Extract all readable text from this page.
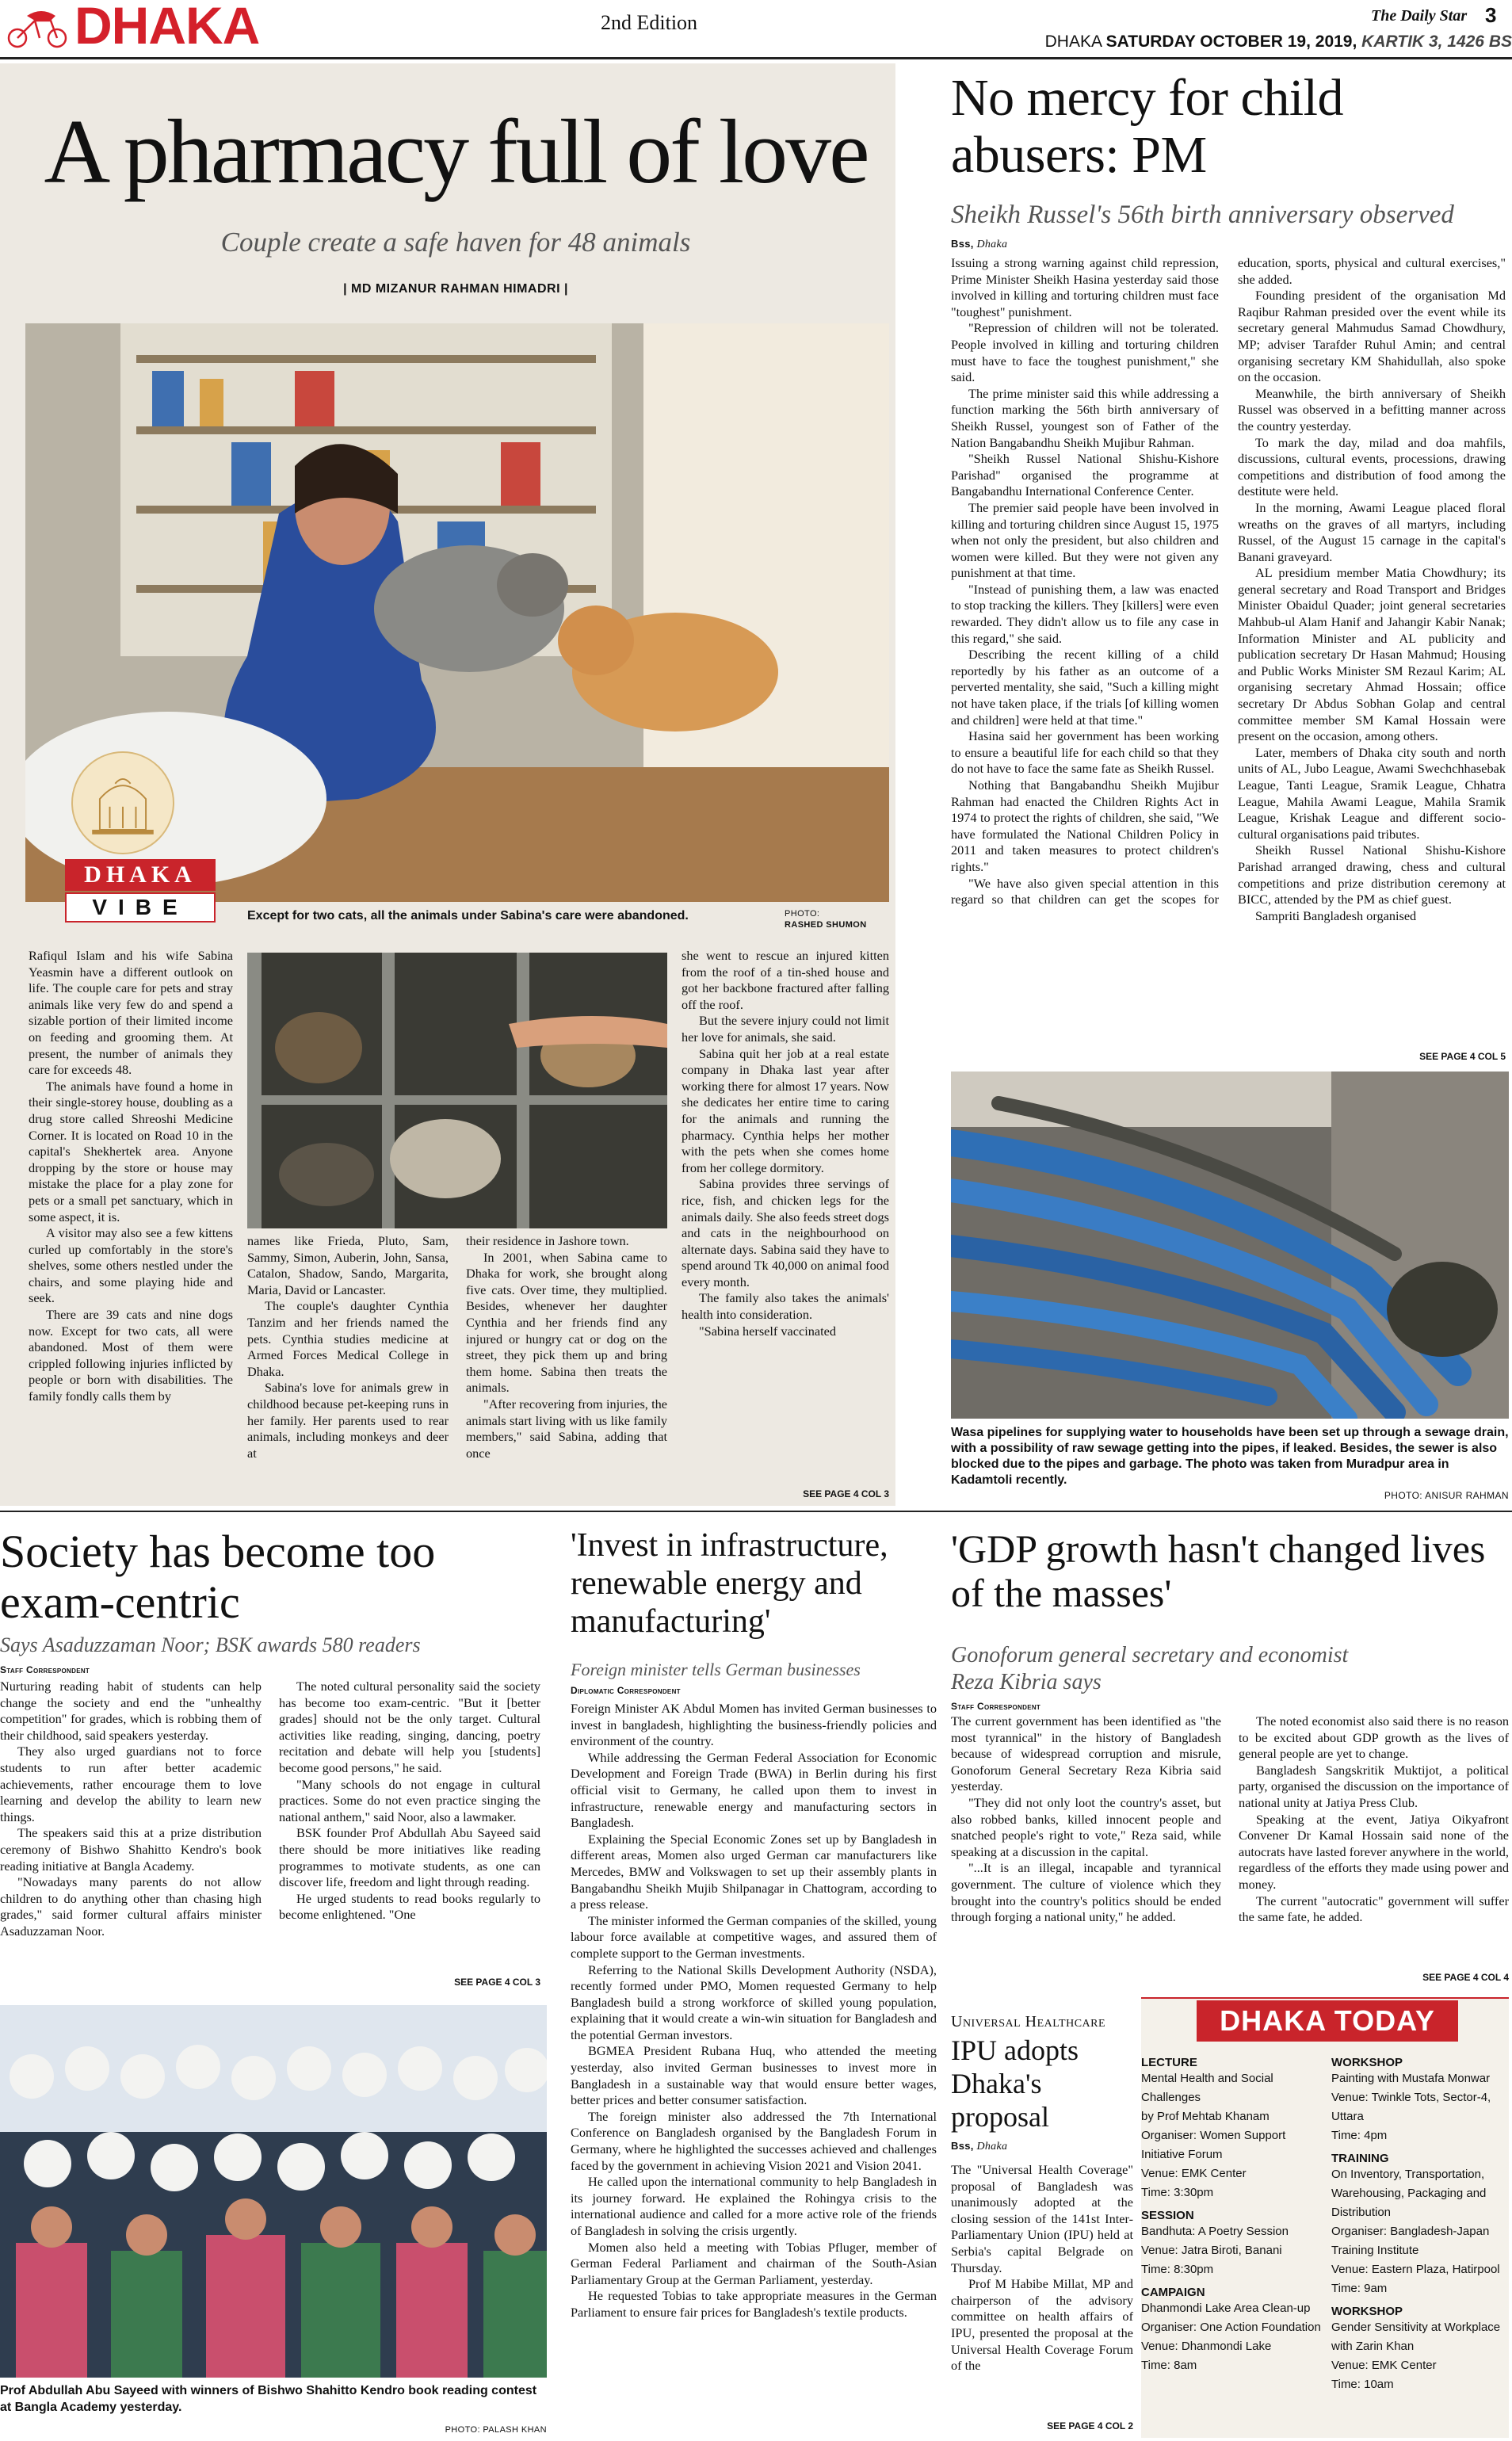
DHAKA	2nd Edition	The Daily Star 3
DHAKA SATURDAY OCTOBER 19, 2019, KARTIK 3, 1426 BS
A pharmacy full of love
Couple create a safe haven for 48 animals
| MD MIZANUR RAHMAN HIMADRI |
DHAKA
VIBE	Except for two cats, all the animals under Sabina's care were abandoned.	PHOTO:
RASHED SHUMON

Rafiqul Islam and his wife Sabina Yeasmin have a different outlook on life. The couple care for pets and stray animals like very few do and spend a sizable portion of their limited income on feeding and grooming them. At present, the number of animals they care for exceeds 48.

The animals have found a home in their single-storey house, doubling as a drug store called Shreoshi Medicine Corner. It is located on Road 10 in the capital's Shekhertek area. Anyone dropping by the store or house may mistake the place for a play zone for pets or a small pet sanctuary, which in some aspect, it is.

A visitor may also see a few kittens curled up comfortably in the store's shelves, some others nestled under the chairs, and some playing hide and seek.

There are 39 cats and nine dogs now. Except for two cats, all were abandoned. Most of them were crippled following injuries inflicted by people or born with disabilities. The family fondly calls them by

names like Frieda, Pluto, Sam, Sammy, Simon, Auberin, John, Sansa, Catalon, Shadow, Sando, Margarita, Maria, David or Lancaster.

The couple's daughter Cynthia Tanzim and her friends named the pets. Cynthia studies medicine at Armed Forces Medical College in Dhaka.

Sabina's love for animals grew in childhood because pet-keeping runs in her family. Her parents used to rear animals, including monkeys and deer at

their residence in Jashore town.

In 2001, when Sabina came to Dhaka for work, she brought along five cats. Over time, they multiplied. Besides, whenever her daughter Cynthia and her friends find any injured or hungry cat or dog on the street, they pick them up and bring them home. Sabina then treats the animals.

"After recovering from injuries, the animals start living with us like family members," said Sabina, adding that once

she went to rescue an injured kitten from the roof of a tin-shed house and got her backbone fractured after falling off the roof.

But the severe injury could not limit her love for animals, she said.

Sabina quit her job at a real estate company in Dhaka last year after working there for almost 17 years. Now she dedicates her entire time to caring for the animals and running the pharmacy. Cynthia helps her mother with the pets when she comes home from her college dormitory.

Sabina provides three servings of rice, fish, and chicken legs for the animals daily. She also feeds street dogs and cats in the neighbourhood on alternate days. Sabina said they have to spend around Tk 40,000 on animal food every month.

The family also takes the animals' health into consideration.

"Sabina herself vaccinated

SEE PAGE 4 COL 3
No mercy for child abusers: PM
Sheikh Russel's 56th birth anniversary observed
Bss, Dhaka

Issuing a strong warning against child repression, Prime Minister Sheikh Hasina yesterday said those involved in killing and torturing children must face "toughest" punishment.

"Repression of children will not be tolerated. People involved in killing and torturing children must have to face the toughest punishment," she said.

The prime minister said this while addressing a function marking the 56th birth anniversary of Sheikh Russel, youngest son of Father of the Nation Bangabandhu Sheikh Mujibur Rahman.

"Sheikh Russel National Shishu-Kishore Parishad" organised the programme at Bangabandhu International Conference Center.

The premier said people have been involved in killing and torturing children since August 15, 1975 when not only the president, but also children and women were killed. But they were not given any punishment at that time.

"Instead of punishing them, a law was enacted to stop tracking the killers. They [killers] were even rewarded. They didn't allow us to file any case in this regard," she said.

Describing the recent killing of a child reportedly by his father as an outcome of a perverted mentality, she said, "Such a killing might not have taken place, if the trials [of killing women and children] were held at that time."

Hasina said her government has been working to ensure a beautiful life for each child so that they do not have to face the same fate as Sheikh Russel.

Nothing that Bangabandhu Sheikh Mujibur Rahman had enacted the Children Rights Act in 1974 to protect the rights of children, she said, "We have formulated the National Children Policy in 2011 and taken measures to protect children's rights."

"We have also given special attention in this regard so that children can get the scopes for education, sports, physical and cultural exercises," she added.

Founding president of the organisation Md Raqibur Rahman presided over the event while its secretary general Mahmudus Samad Chowdhury, MP; adviser Tarafder Ruhul Amin; and central organising secretary KM Shahidullah, also spoke on the occasion.

Meanwhile, the birth anniversary of Sheikh Russel was observed in a befitting manner across the country yesterday.

To mark the day, milad and doa mahfils, discussions, cultural events, processions, drawing competitions and distribution of food among the destitute were held.

In the morning, Awami League placed floral wreaths on the graves of all martyrs, including Russel, of the August 15 carnage in the capital's Banani graveyard.

AL presidium member Matia Chowdhury; its general secretary and Road Transport and Bridges Minister Obaidul Quader; joint general secretaries Mahbub-ul Alam Hanif and Jahangir Kabir Nanak; Information Minister and AL publicity and publication secretary Dr Hasan Mahmud; Housing and Public Works Minister SM Rezaul Karim; AL organising secretary Ahmad Hossain; office secretary Dr Abdus Sobhan Golap and central committee member SM Kamal Hossain were present on the occasion, among others.

Later, members of Dhaka city south and north units of AL, Jubo League, Awami Swechchhasebak League, Tanti League, Sramik League, Chhatra League, Mahila Awami League, Mahila Sramik League, Krishak League and different socio-cultural organisations paid tributes.

Sheikh Russel National Shishu-Kishore Parishad arranged drawing, chess and cultural competitions and prize distribution ceremony at BICC, attended by the PM as chief guest.

Sampriti Bangladesh organised

SEE PAGE 4 COL 5
Wasa pipelines for supplying water to households have been set up through a sewage drain, with a possibility of raw sewage getting into the pipes, if leaked. Besides, the sewer is also blocked due to the pipes and garbage. The photo was taken from Muradpur area in Kadamtoli recently.
PHOTO: ANISUR RAHMAN
Society has become too exam-centric
Says Asaduzzaman Noor; BSK awards 580 readers
Staff Correspondent

Nurturing reading habit of students can help change the society and end the "unhealthy competition" for grades, which is robbing them of their childhood, said speakers yesterday.

They also urged guardians not to force students to run after better academic achievements, rather encourage them to love learning and develop the ability to learn new things.

The speakers said this at a prize distribution ceremony of Bishwo Shahitto Kendro's book reading initiative at Bangla Academy.

"Nowadays many parents do not allow children to do anything other than chasing high grades," said former cultural affairs minister Asaduzzaman Noor.

The noted cultural personality said the society has become too exam-centric. "But it [better grades] should not be the only target. Cultural activities like reading, singing, dancing, poetry recitation and debate will help you [students] become good persons," he said.

"Many schools do not engage in cultural practices. Some do not even practice singing the national anthem," said Noor, also a lawmaker.

BSK founder Prof Abdullah Abu Sayeed said there should be more initiatives like reading programmes to motivate students, as one can discover life, freedom and light through reading.

He urged students to read books regularly to become enlightened. "One

SEE PAGE 4 COL 3
Prof Abdullah Abu Sayeed with winners of Bishwo Shahitto Kendro book reading contest at Bangla Academy yesterday.
PHOTO: PALASH KHAN
'Invest in infrastructure, renewable energy and manufacturing'
Foreign minister tells German businesses
Diplomatic Correspondent

Foreign Minister AK Abdul Momen has invited German businesses to invest in bangladesh, highlighting the business-friendly policies and environment of the country.

While addressing the German Federal Association for Economic Development and Foreign Trade (BWA) in Berlin during his first official visit to Germany, he called upon them to invest in infrastructure, renewable energy and manufacturing sectors in Bangladesh.

Explaining the Special Economic Zones set up by Bangladesh in different areas, Momen also urged German car manufacturers like Mercedes, BMW and Volkswagen to set up their assembly plants in Bangabandhu Sheikh Mujib Shilpanagar in Chattogram, according to a press release.

The minister informed the German companies of the skilled, young labour force available at competitive wages, and assured them of complete support to the German investments.

Referring to the National Skills Development Authority (NSDA), recently formed under PMO, Momen requested Germany to help Bangladesh build a strong workforce of skilled young population, explaining that it would create a win-win situation for Bangladesh and the potential German investors.

BGMEA President Rubana Huq, who attended the meeting yesterday, also invited German businesses to invest more in Bangladesh in a sustainable way that would ensure better wages, better prices and better consumer satisfaction.

The foreign minister also addressed the 7th International Conference on Bangladesh organised by the Bangladesh Forum in Germany, where he highlighted the successes achieved and challenges faced by the government in achieving Vision 2021 and Vision 2041.

He called upon the international community to help Bangladesh in its journey forward. He explained the Rohingya crisis to the international audience and called for a more active role of the friends of Bangladesh in solving the crisis urgently.

Momen also held a meeting with Tobias Pfluger, member of German Federal Parliament and chairman of the South-Asian Parliamentary Group at the German Parliament, yesterday.

He requested Tobias to take appropriate measures in the German Parliament to ensure fair prices for Bangladesh's textile products.

'GDP growth hasn't changed lives of the masses'
Gonoforum general secretary and economist Reza Kibria says
Staff Correspondent

The current government has been identified as "the most tyrannical" in the history of Bangladesh because of widespread corruption and misrule, Gonoforum General Secretary Reza Kibria said yesterday.

"They did not only loot the country's asset, but also robbed banks, killed innocent people and snatched people's right to vote," Reza said, while speaking at a discussion in the capital.

"...It is an illegal, incapable and tyrannical government. The culture of violence which they brought into the country's politics should be ended through forging a national unity," he added.

The noted economist also said there is no reason to be excited about GDP growth as the lives of general people are yet to change.

Bangladesh Sangskritik Muktijot, a political party, organised the discussion on the importance of national unity at Jatiya Press Club.

Speaking at the event, Jatiya Oikyafront Convener Dr Kamal Hossain said none of the autocrats have lasted forever anywhere in the world, regardless of the efforts they made using power and money.

The current "autocratic" government will suffer the same fate, he added.

SEE PAGE 4 COL 4
Universal Healthcare
IPU adopts Dhaka's proposal
Bss, Dhaka

The "Universal Health Coverage" proposal of Bangladesh was unanimously adopted at the closing session of the 141st Inter-Parliamentary Union (IPU) held at Serbia's capital Belgrade on Thursday.

Prof M Habibe Millat, MP and chairperson of the advisory committee on health affairs of IPU, presented the proposal at the Universal Health Coverage Forum of the

SEE PAGE 4 COL 2
DHAKA TODAY
LECTURE
Mental Health and Social Challenges
by Prof Mehtab Khanam
Organiser: Women Support
Initiative Forum
Venue: EMK Center
Time: 3:30pm
SESSION
Bandhuta: A Poetry Session
Venue: Jatra Biroti, Banani
Time: 8:30pm
CAMPAIGN
Dhanmondi Lake Area Clean-up
Organiser: One Action Foundation
Venue: Dhanmondi Lake
Time: 8am
WORKSHOP
Painting with Mustafa Monwar
Venue: Twinkle Tots, Sector-4, Uttara
Time: 4pm
TRAINING
On Inventory, Transportation,
Warehousing, Packaging and
Distribution
Organiser: Bangladesh-Japan
Training Institute
Venue: Eastern Plaza, Hatirpool
Time: 9am
WORKSHOP
Gender Sensitivity at Workplace
with Zarin Khan
Venue: EMK Center
Time: 10am
